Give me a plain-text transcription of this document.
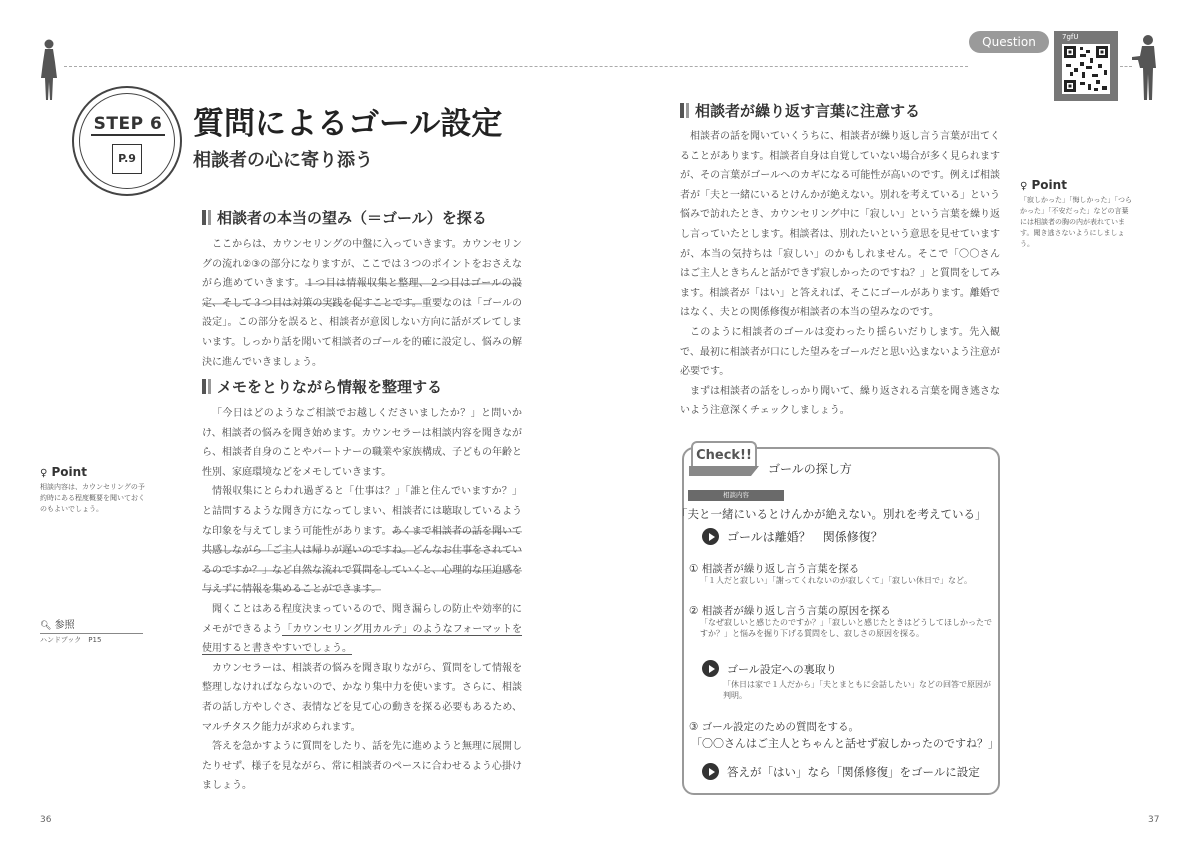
Question	7gfU
STEP 6
P.9
質問によるゴール設定
相談者の心に寄り添う
相談者の本当の望み（＝ゴール）を探る

ここからは、カウンセリングの中盤に入っていきます。カウンセリングの流れ②③の部分になりますが、ここでは３つのポイントをおさえながら進めていきます。１つ目は情報収集と整理、２つ目はゴールの設定、そして３つ目は対策の実践を促すことです。重要なのは「ゴールの設定」。この部分を誤ると、相談者が意図しない方向に話がズレてしまいます。しっかり話を聞いて相談者のゴールを的確に設定し、悩みの解決に進んでいきましょう。

メモをとりながら情報を整理する

「今日はどのようなご相談でお越しくださいましたか？」と問いかけ、相談者の悩みを聞き始めます。カウンセラーは相談内容を聞きながら、相談者自身のことやパートナーの職業や家族構成、子どもの年齢と性別、家庭環境などをメモしていきます。

情報収集にとらわれ過ぎると「仕事は？」「誰と住んでいますか？」と詰問するような聞き方になってしまい、相談者には聴取しているような印象を与えてしまう可能性があります。あくまで相談者の話を聞いて共感しながら「ご主人は帰りが遅いのですね。どんなお仕事をされているのですか？」など自然な流れで質問をしていくと、心理的な圧迫感を与えずに情報を集めることができます。

聞くことはある程度決まっているので、聞き漏らしの防止や効率的にメモができるよう「カウンセリング用カルテ」のようなフォーマットを使用すると書きやすいでしょう。

カウンセラーは、相談者の悩みを聞き取りながら、質問をして情報を整理しなければならないので、かなり集中力を使います。さらに、相談者の話し方やしぐさ、表情などを見て心の動きを探る必要もあるため、マルチタスク能力が求められます。

答えを急かすように質問をしたり、話を先に進めようと無理に展開したりせず、様子を見ながら、常に相談者のペースに合わせるよう心掛けましょう。

♀ Point
相談内容は、カウンセリングの予約時にある程度概要を聞いておくのもよいでしょう。
🔍︎ 参照
ハンドブック　P15
36
相談者が繰り返す言葉に注意する

相談者の話を聞いていくうちに、相談者が繰り返し言う言葉が出てくることがあります。相談者自身は自覚していない場合が多く見られますが、その言葉がゴールへのカギになる可能性が高いのです。例えば相談者が「夫と一緒にいるとけんかが絶えない。別れを考えている」という悩みで訪れたとき、カウンセリング中に「寂しい」という言葉を繰り返し言っていたとします。相談者は、別れたいという意思を見せていますが、本当の気持ちは「寂しい」のかもしれません。そこで「〇〇さんはご主人ときちんと話ができず寂しかったのですね？」と質問をしてみます。相談者が「はい」と答えれば、そこにゴールがあります。離婚ではなく、夫との関係修復が相談者の本当の望みなのです。

このように相談者のゴールは変わったり揺らいだりします。先入観で、最初に相談者が口にした望みをゴールだと思い込まないよう注意が必要です。

まずは相談者の話をしっかり聞いて、繰り返される言葉を聞き逃さないよう注意深くチェックしましょう。

♀ Point
「寂しかった」「悔しかった」「つらかった」「不安だった」などの言葉には相談者の胸の内が表れています。聞き逃さないようにしましょう。
Check!!
ゴールの探し方
相談内容
「夫と一緒にいるとけんかが絶えない。別れを考えている」
ゴールは離婚？　関係修復？
① 相談者が繰り返し言う言葉を探る
「１人だと寂しい」「謝ってくれないのが寂しくて」「寂しい休日で」など。
② 相談者が繰り返し言う言葉の原因を探る
「なぜ寂しいと感じたのですか？」「寂しいと感じたときはどうしてほしかったですか？」と悩みを掘り下げる質問をし、寂しさの原因を探る。
ゴール設定への裏取り
「休日は家で１人だから」「夫とまともに会話したい」などの回答で原因が判明。
③ ゴール設定のための質問をする。
「〇〇さんはご主人とちゃんと話せず寂しかったのですね？」
答えが「はい」なら「関係修復」をゴールに設定
37
